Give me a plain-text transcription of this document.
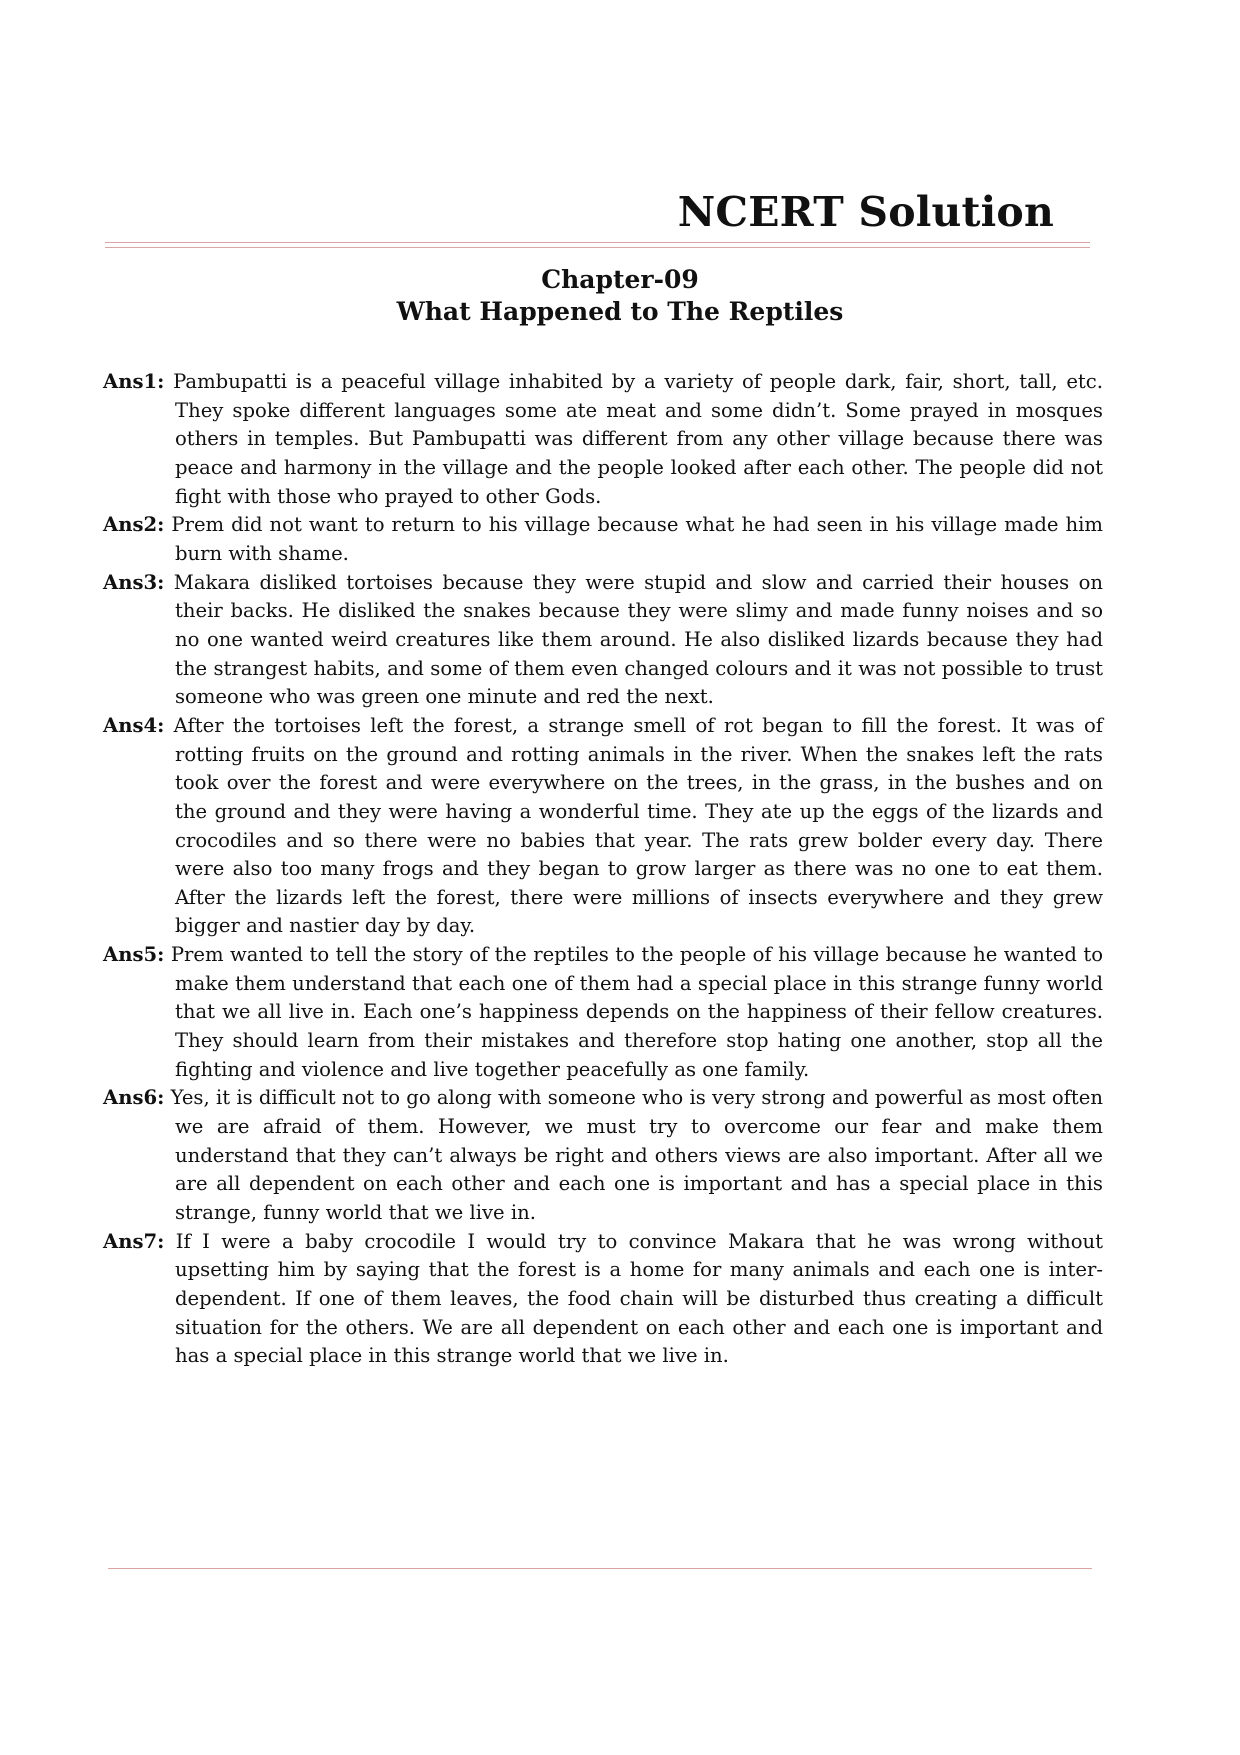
NCERT Solution
Chapter-09
What Happened to The Reptiles
Ans1: Pambupatti is a peaceful village inhabited by a variety of people dark, fair, short, tall, etc. They spoke different languages some ate meat and some didn’t. Some prayed in mosques others in temples. But Pambupatti was different from any other village because there was peace and harmony in the village and the people looked after each other. The people did not fight with those who prayed to other Gods.
Ans2: Prem did not want to return to his village because what he had seen in his village made him burn with shame.
Ans3: Makara disliked tortoises because they were stupid and slow and carried their houses on their backs. He disliked the snakes because they were slimy and made funny noises and so no one wanted weird creatures like them around. He also disliked lizards because they had the strangest habits, and some of them even changed colours and it was not possible to trust someone who was green one minute and red the next.
Ans4: After the tortoises left the forest, a strange smell of rot began to fill the forest. It was of rotting fruits on the ground and rotting animals in the river. When the snakes left the rats took over the forest and were everywhere on the trees, in the grass, in the bushes and on the ground and they were having a wonderful time. They ate up the eggs of the lizards and crocodiles and so there were no babies that year. The rats grew bolder every day. There were also too many frogs and they began to grow larger as there was no one to eat them. After the lizards left the forest, there were millions of insects everywhere and they grew bigger and nastier day by day.
Ans5: Prem wanted to tell the story of the reptiles to the people of his village because he wanted to make them understand that each one of them had a special place in this strange funny world that we all live in. Each one’s happiness depends on the happiness of their fellow creatures. They should learn from their mistakes and therefore stop hating one another, stop all the fighting and violence and live together peacefully as one family.
Ans6: Yes, it is difficult not to go along with someone who is very strong and powerful as most often we are afraid of them. However, we must try to overcome our fear and make them understand that they can’t always be right and others views are also important. After all we are all dependent on each other and each one is important and has a special place in this strange, funny world that we live in.
Ans7: If I were a baby crocodile I would try to convince Makara that he was wrong without upsetting him by saying that the forest is a home for many animals and each one is inter-dependent. If one of them leaves, the food chain will be disturbed thus creating a difficult situation for the others. We are all dependent on each other and each one is important and has a special place in this strange world that we live in.
